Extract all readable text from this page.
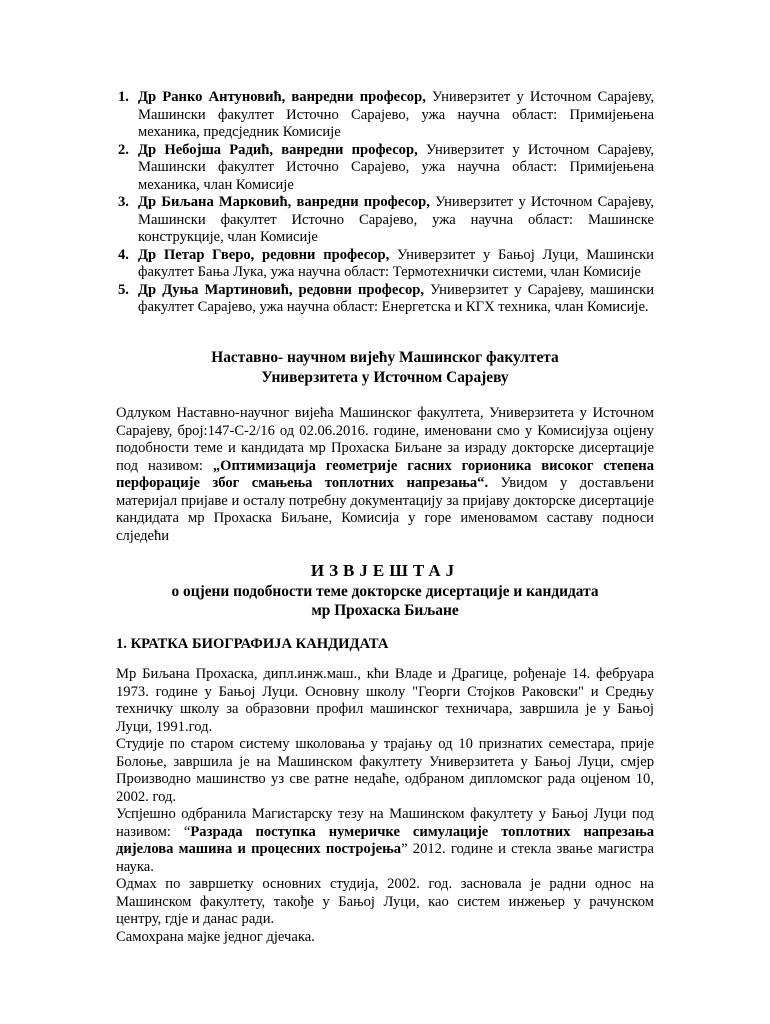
1. Др Ранко Антуновић, ванредни професор, Универзитет у Источном Сарајеву, Машински факултет Источно Сарајево, ужа научна област: Примијењена механика, предсједник Комисије
2. Др Небојша Радић, ванредни професор, Универзитет у Источном Сарајеву, Машински факултет Источно Сарајево, ужа научна област: Примијењена механика, члан Комисије
3. Др Биљана Марковић, ванредни професор, Универзитет у Источном Сарајеву, Машински факултет Источно Сарајево, ужа научна област: Машинске конструкције, члан Комисије
4. Др Петар Гверо, редовни професор, Универзитет у Бањој Луци, Машински факултет Бања Лука, ужа научна област: Термотехнички системи, члан Комисије
5. Др Дуња Мартиновић, редовни професор, Универзитет у Сарајеву, машински факултет Сарајево, ужа научна област: Енергетска и КГХ техника, члан Комисије.
Наставно- научном вијећу Машинског факултета
Универзитета у Источном Сарајеву

Одлуком Наставно-научног вијећа Машинског факултета, Универзитета у Источном Сарајеву, број:147-С-2/16 од 02.06.2016. године, именовани смо у Комисијуза оцјену подобности теме и кандидата мр Прохаска Биљане за израду докторске дисертације под називом: „Оптимизација геометрије гасних горионика високог степена перфорације због смањења топлотних напрезања“. Увидом у достављени материјал пријаве и осталу потребну документацију за пријаву докторске дисертације кандидата мр Прохаска Биљане, Комисија у горе именовамом саставу подноси слједећи

ИЗВЈЕШТАЈ
о оцјени подобности теме докторске дисертације и кандидата
мр Прохаска Биљане
1. КРАТКА БИОГРАФИЈА КАНДИДАТА

Мр Биљана Прохаска, дипл.инж.маш., кћи Владе и Драгице, рођенаје 14. фебруара 1973. године у Бањој Луци. Основну школу "Георги Стојков Раковски" и Средњу техничку школу за образовни профил машинског техничара, завршила је у Бањој Луци, 1991.год.

Студије по старом систему школовања у трајању од 10 признатих семестара, прије Болоње, завршила је на Машинском факултету Универзитета у Бањој Луци, смјер Производно машинство уз све ратне недаће, одбраном дипломског рада оцјеном 10, 2002. год.

Успјешно одбранила Магистарску тезу на Машинском факултету у Бањој Луци под називом: “Разрада поступка нумеричке симулације топлотних напрезања дијелова машина и процесних постројења” 2012. године и стекла звање магистра наука.

Одмах по завршетку основних студија, 2002. год. засновала је радни однос на Машинском факултету, такође у Бањој Луци, као систем инжењер у рачунском центру, гдје и данас ради.

Самохрана мајке једног дјечака.
